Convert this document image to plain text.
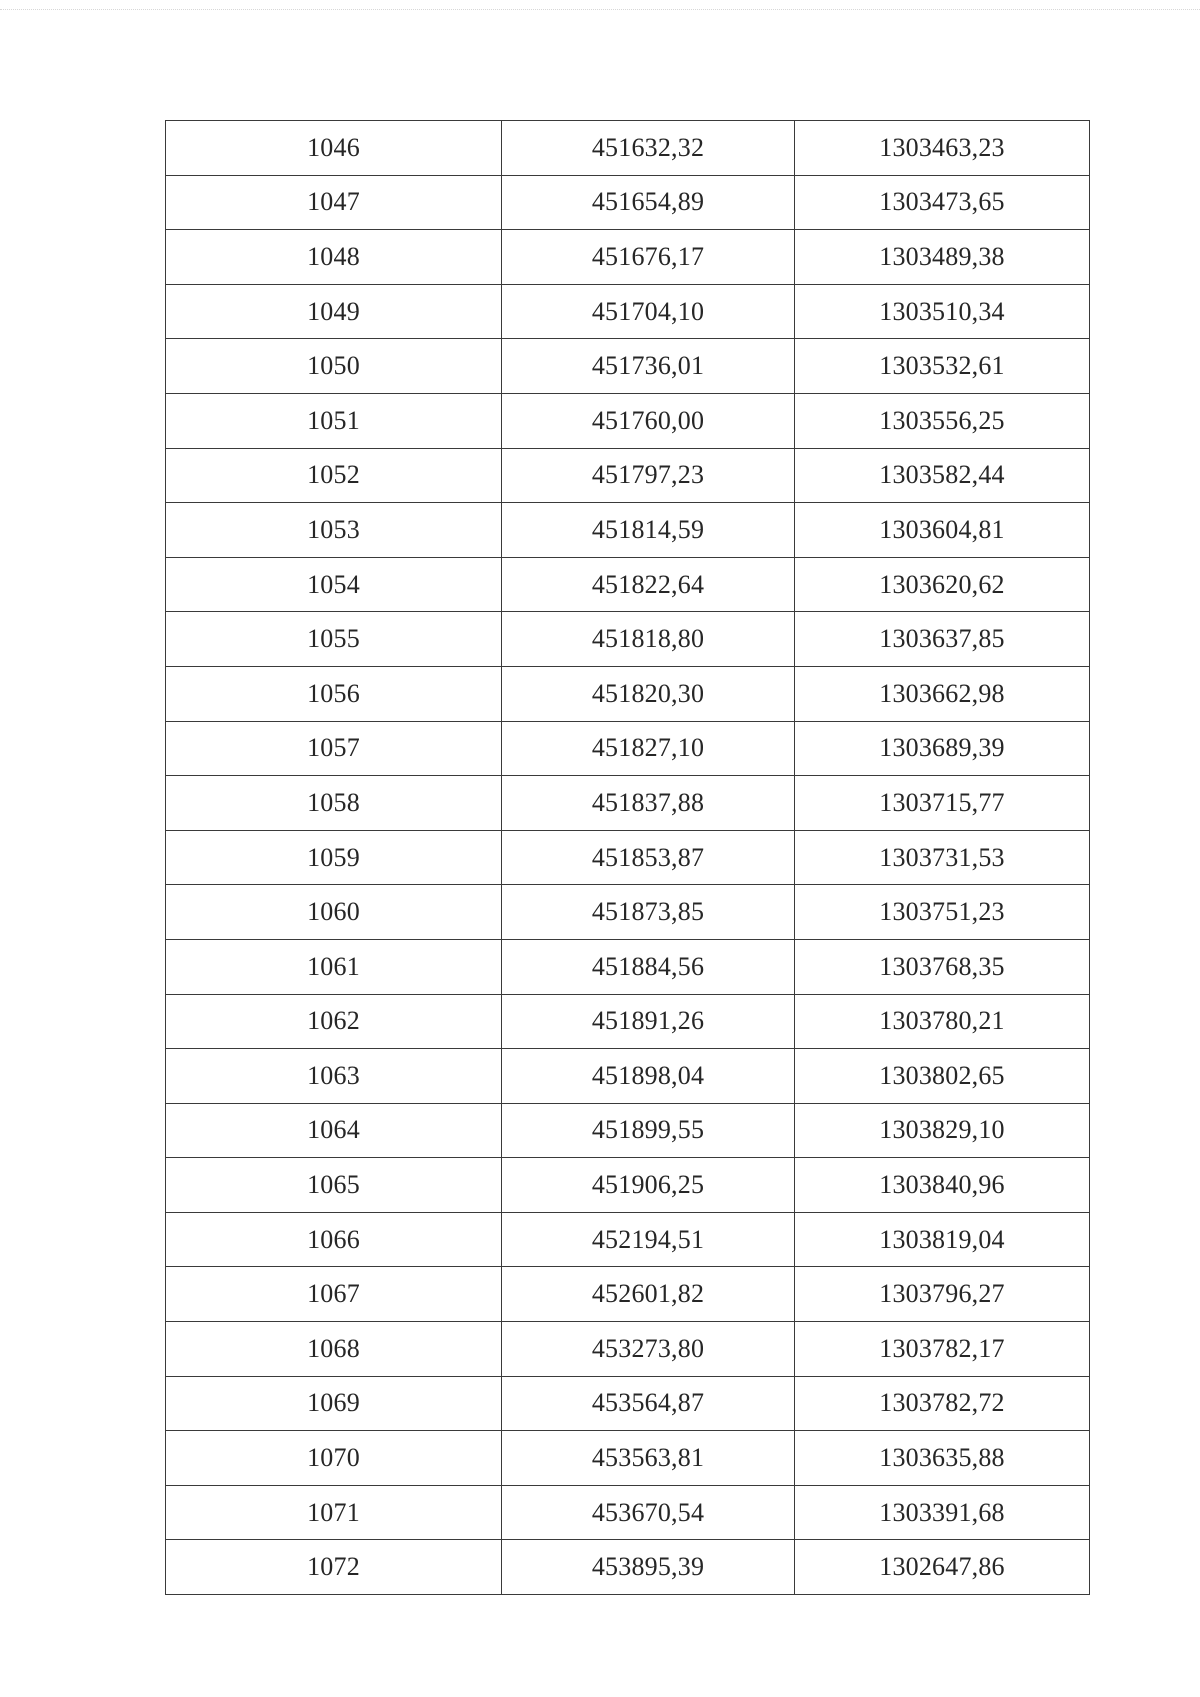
1046	451632,32	1303463,23
1047	451654,89	1303473,65
1048	451676,17	1303489,38
1049	451704,10	1303510,34
1050	451736,01	1303532,61
1051	451760,00	1303556,25
1052	451797,23	1303582,44
1053	451814,59	1303604,81
1054	451822,64	1303620,62
1055	451818,80	1303637,85
1056	451820,30	1303662,98
1057	451827,10	1303689,39
1058	451837,88	1303715,77
1059	451853,87	1303731,53
1060	451873,85	1303751,23
1061	451884,56	1303768,35
1062	451891,26	1303780,21
1063	451898,04	1303802,65
1064	451899,55	1303829,10
1065	451906,25	1303840,96
1066	452194,51	1303819,04
1067	452601,82	1303796,27
1068	453273,80	1303782,17
1069	453564,87	1303782,72
1070	453563,81	1303635,88
1071	453670,54	1303391,68
1072	453895,39	1302647,86
